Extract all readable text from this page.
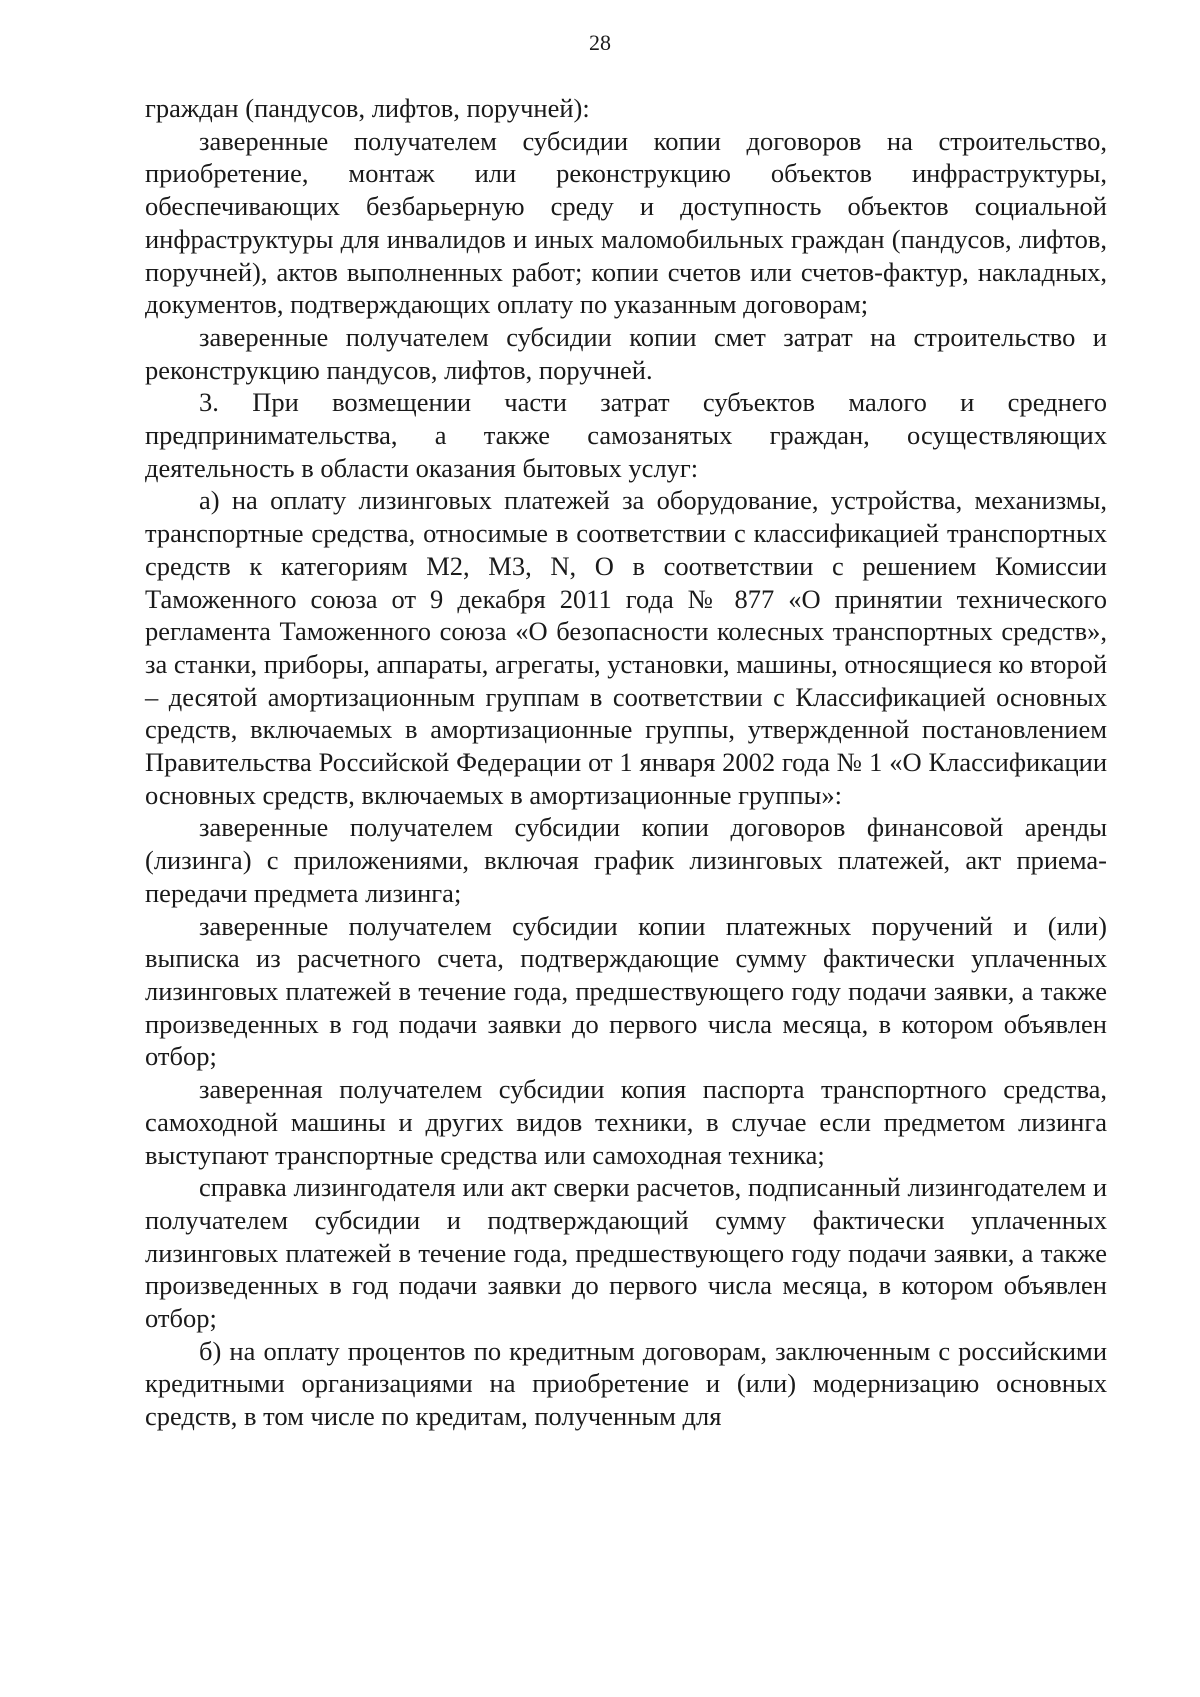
28

граждан (пандусов, лифтов, поручней):

заверенные получателем субсидии копии договоров на строительство, приобретение, монтаж или реконструкцию объектов инфраструктуры, обеспечивающих безбарьерную среду и доступность объектов социальной инфраструктуры для инвалидов и иных маломобильных граждан (пандусов, лифтов, поручней), актов выполненных работ; копии счетов или счетов-фактур, накладных, документов, подтверждающих оплату по указанным договорам;

заверенные получателем субсидии копии смет затрат на строительство и реконструкцию пандусов, лифтов, поручней.

3. При возмещении части затрат субъектов малого и среднего предпринимательства, а также самозанятых граждан, осуществляющих деятельность в области оказания бытовых услуг:

а) на оплату лизинговых платежей за оборудование, устройства, механизмы, транспортные средства, относимые в соответствии с классификацией транспортных средств к категориям M2, M3, N, O в соответствии с решением Комиссии Таможенного союза от 9 декабря 2011 года № 877 «О принятии технического регламента Таможенного союза «О безопасности колесных транспортных средств», за станки, приборы, аппараты, агрегаты, установки, машины, относящиеся ко второй – десятой амортизационным группам в соответствии с Классификацией основных средств, включаемых в амортизационные группы, утвержденной постановлением Правительства Российской Федерации от 1 января 2002 года № 1 «О Классификации основных средств, включаемых в амортизационные группы»:

заверенные получателем субсидии копии договоров финансовой аренды (лизинга) с приложениями, включая график лизинговых платежей, акт приема-передачи предмета лизинга;

заверенные получателем субсидии копии платежных поручений и (или) выписка из расчетного счета, подтверждающие сумму фактически уплаченных лизинговых платежей в течение года, предшествующего году подачи заявки, а также произведенных в год подачи заявки до первого числа месяца, в котором объявлен отбор;

заверенная получателем субсидии копия паспорта транспортного средства, самоходной машины и других видов техники, в случае если предметом лизинга выступают транспортные средства или самоходная техника;

справка лизингодателя или акт сверки расчетов, подписанный лизингодателем и получателем субсидии и подтверждающий сумму фактически уплаченных лизинговых платежей в течение года, предшествующего году подачи заявки, а также произведенных в год подачи заявки до первого числа месяца, в котором объявлен отбор;

б) на оплату процентов по кредитным договорам, заключенным с российскими кредитными организациями на приобретение и (или) модернизацию основных средств, в том числе по кредитам, полученным для
